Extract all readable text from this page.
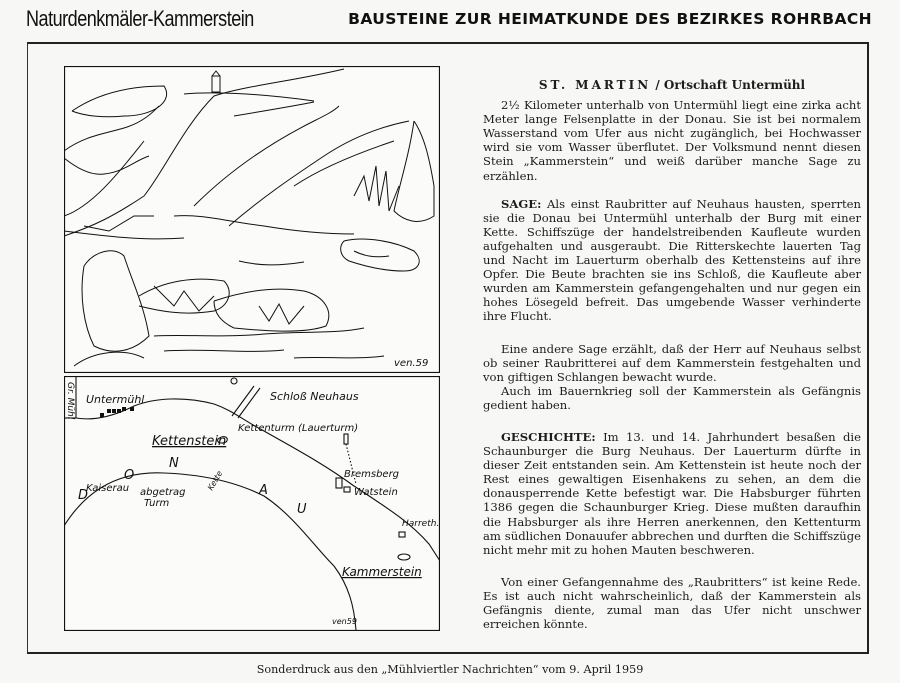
Naturdenkmäler-Kammerstein	BAUSTEINE ZUR HEIMATKUNDE DES BEZIRKES ROHRBACH
ven.59
Gr. Mühl Untermühl	Schloß Neuhaus
Kettenturm (Lauerturm)
Kettenstein
Kette	Bremsberg
Watstein
Kaiserau abgetrag
Turm
Harreth.
Kammerstein
D
O
N
A
U
ven59
ST. MARTIN / Ortschaft Untermühl

2½ Kilometer unterhalb von Untermühl liegt eine zirka acht Meter lange Felsenplatte in der Donau. Sie ist bei normalem Wasserstand vom Ufer aus nicht zugänglich, bei Hochwasser wird sie vom Wasser überflutet. Der Volksmund nennt diesen Stein „Kammerstein“ und weiß darüber manche Sage zu erzählen.

SAGE: Als einst Raubritter auf Neuhaus hausten, sperrten sie die Donau bei Untermühl unterhalb der Burg mit einer Kette. Schiffszüge der handelstreibenden Kaufleute wurden aufgehalten und ausgeraubt. Die Ritterskechte lauerten Tag und Nacht im Lauerturm oberhalb des Kettensteins auf ihre Opfer. Die Beute brachten sie ins Schloß, die Kaufleute aber wurden am Kammerstein gefangengehalten und nur gegen ein hohes Lösegeld befreit. Das umgebende Wasser verhinderte ihre Flucht.

Eine andere Sage erzählt, daß der Herr auf Neuhaus selbst ob seiner Raubritterei auf dem Kammerstein festgehalten und von giftigen Schlangen bewacht wurde.

Auch im Bauernkrieg soll der Kammerstein als Gefängnis gedient haben.

GESCHICHTE: Im 13. und 14. Jahrhundert besaßen die Schaunburger die Burg Neuhaus. Der Lauerturm dürfte in dieser Zeit entstanden sein. Am Kettenstein ist heute noch der Rest eines gewaltigen Eisenhakens zu sehen, an dem die donausperrende Kette befestigt war. Die Habsburger führten 1386 gegen die Schaunburger Krieg. Diese mußten daraufhin die Habsburger als ihre Herren anerkennen, den Kettenturm am südlichen Donauufer abbrechen und durften die Schiffszüge nicht mehr mit zu hohen Mauten beschweren.

Von einer Gefangennahme des „Raubritters“ ist keine Rede. Es ist auch nicht wahrscheinlich, daß der Kammerstein als Gefängnis diente, zumal man das Ufer nicht unschwer erreichen könnte.

Sonderdruck aus den „Mühlviertler Nachrichten“ vom 9. April 1959
